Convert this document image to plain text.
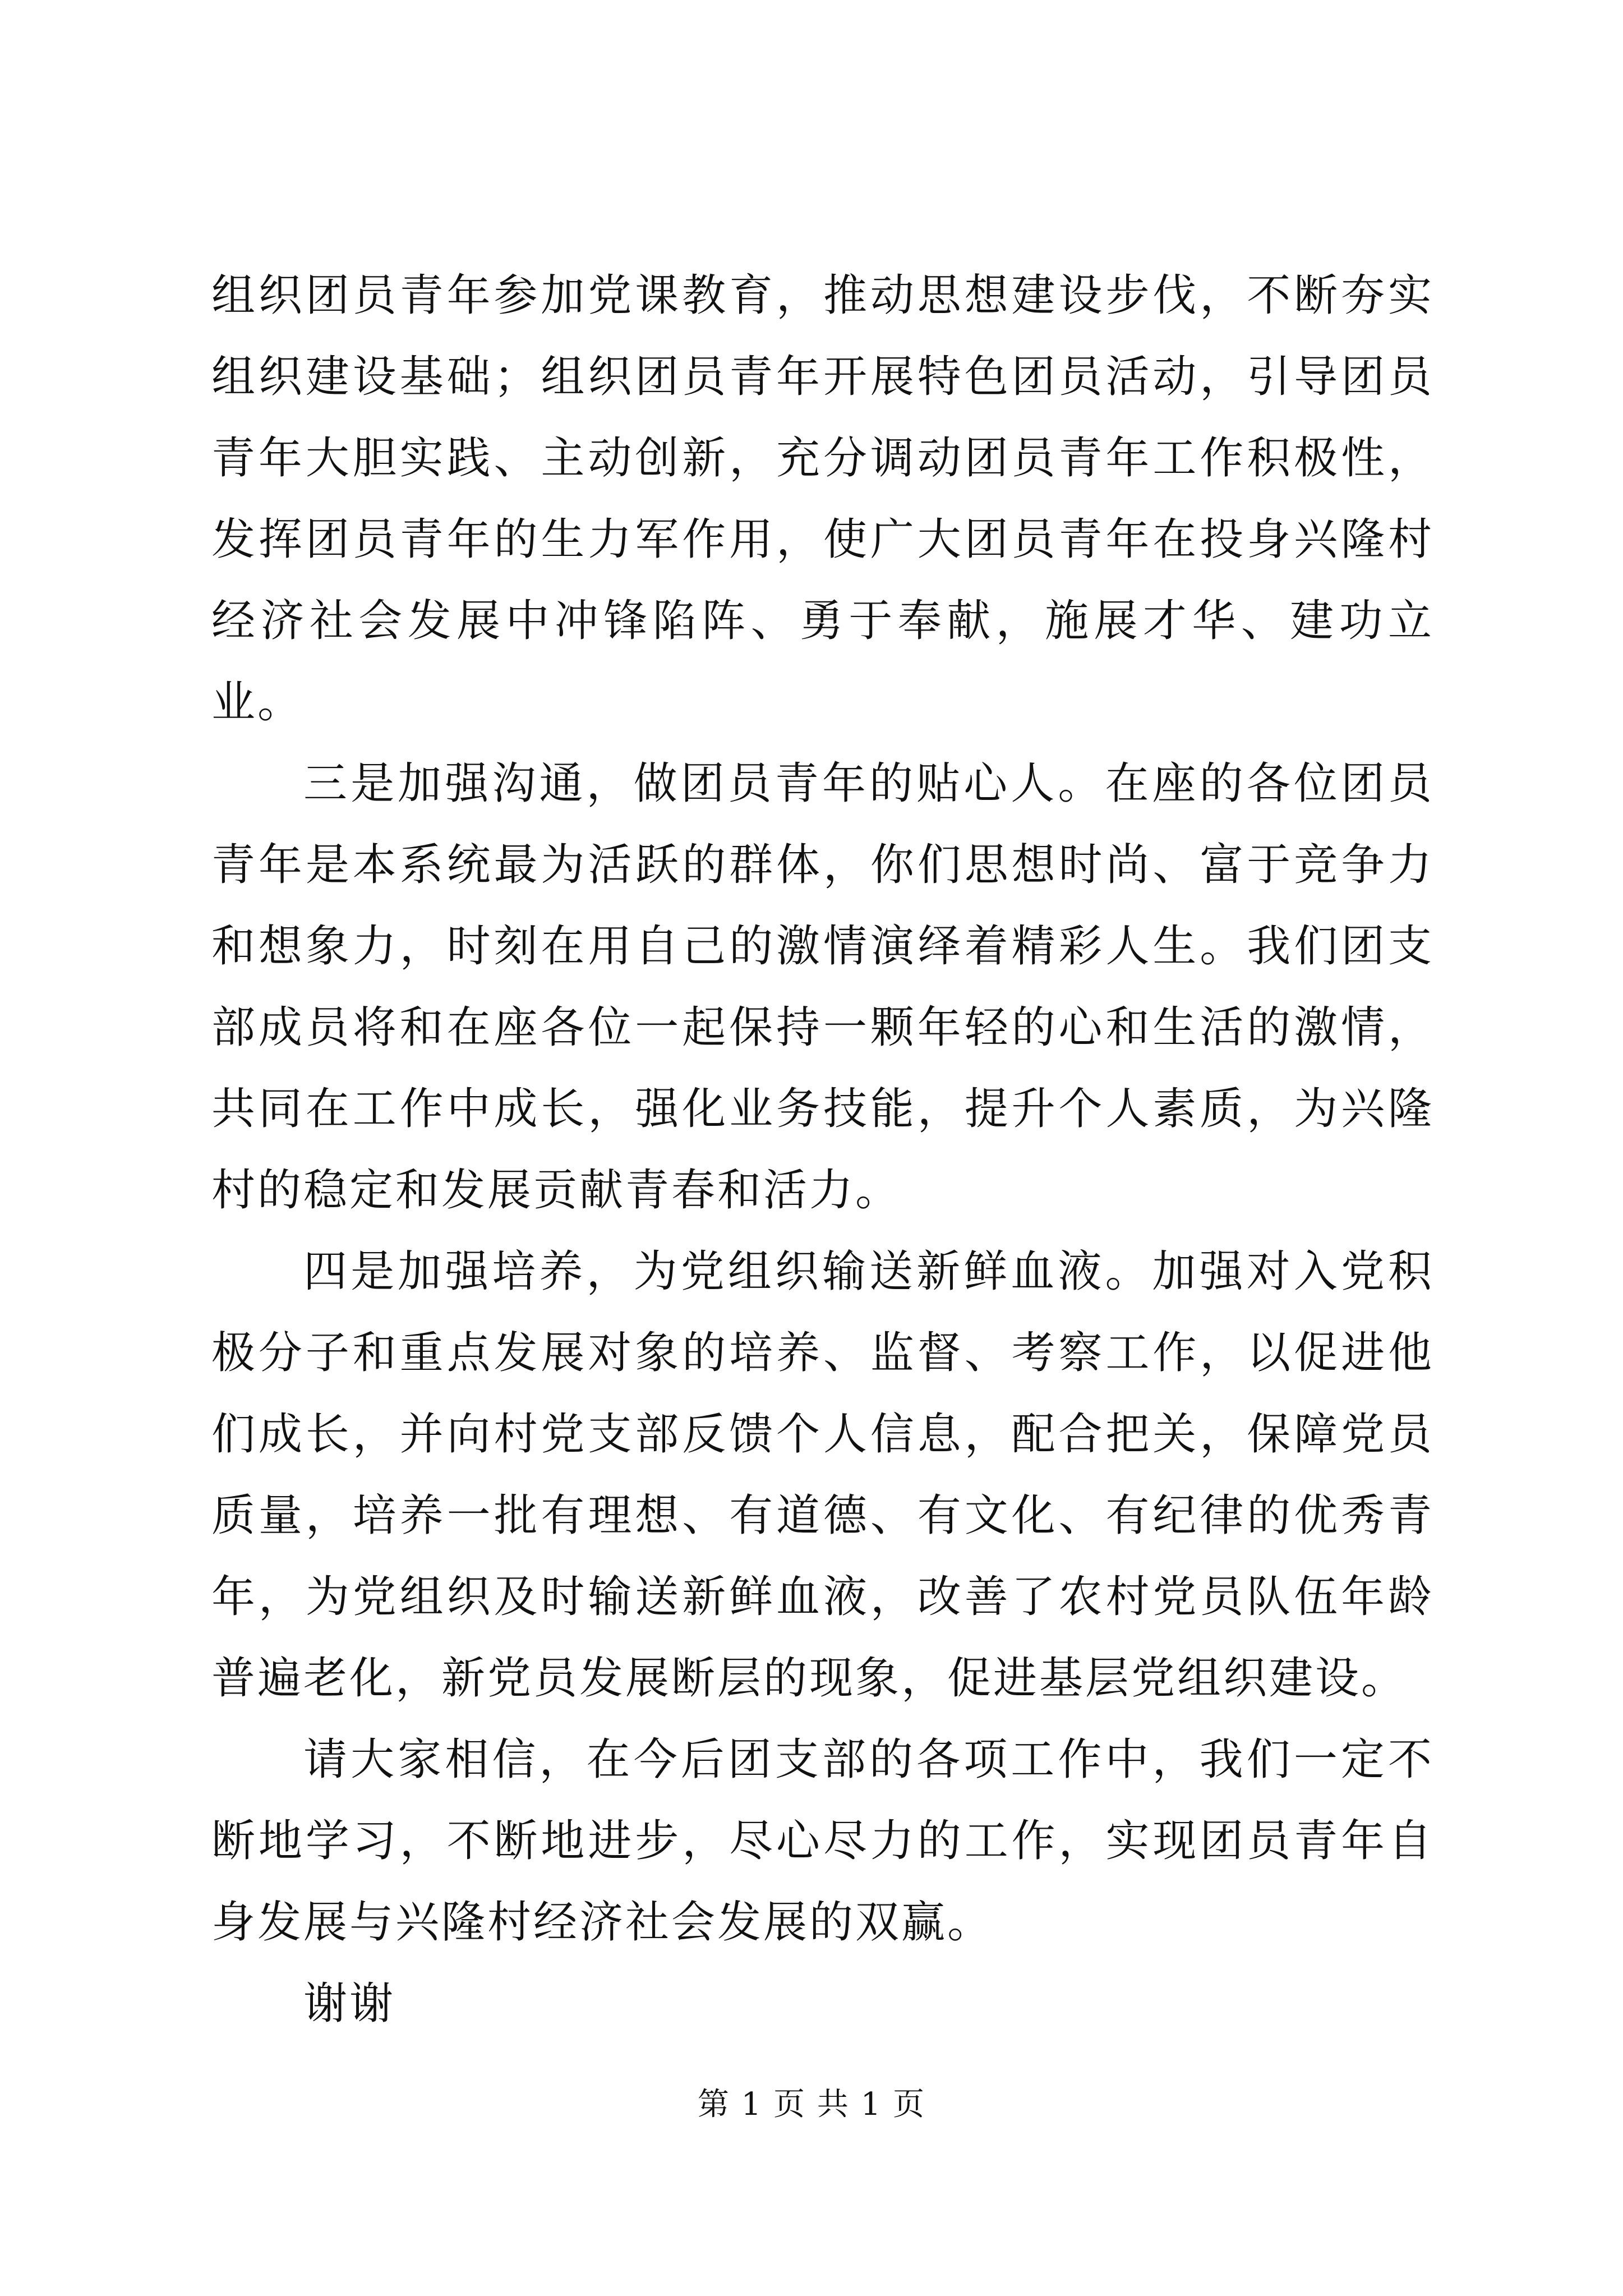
组织团员青年参加党课教育，推动思想建设步伐，不断夯实组织建设基础；组织团员青年开展特色团员活动，引导团员青年大胆实践、主动创新，充分调动团员青年工作积极性，发挥团员青年的生力军作用，使广大团员青年在投身兴隆村经济社会发展中冲锋陷阵、勇于奉献，施展才华、建功立业。

三是加强沟通，做团员青年的贴心人。在座的各位团员青年是本系统最为活跃的群体，你们思想时尚、富于竞争力和想象力，时刻在用自己的激情演绎着精彩人生。我们团支部成员将和在座各位一起保持一颗年轻的心和生活的激情，共同在工作中成长，强化业务技能，提升个人素质，为兴隆村的稳定和发展贡献青春和活力。

四是加强培养，为党组织输送新鲜血液。加强对入党积极分子和重点发展对象的培养、监督、考察工作，以促进他们成长，并向村党支部反馈个人信息，配合把关，保障党员质量，培养一批有理想、有道德、有文化、有纪律的优秀青年，为党组织及时输送新鲜血液，改善了农村党员队伍年龄普遍老化，新党员发展断层的现象，促进基层党组织建设。

请大家相信，在今后团支部的各项工作中，我们一定不断地学习，不断地进步，尽心尽力的工作，实现团员青年自身发展与兴隆村经济社会发展的双赢。

谢谢

第 1 页 共 1 页
